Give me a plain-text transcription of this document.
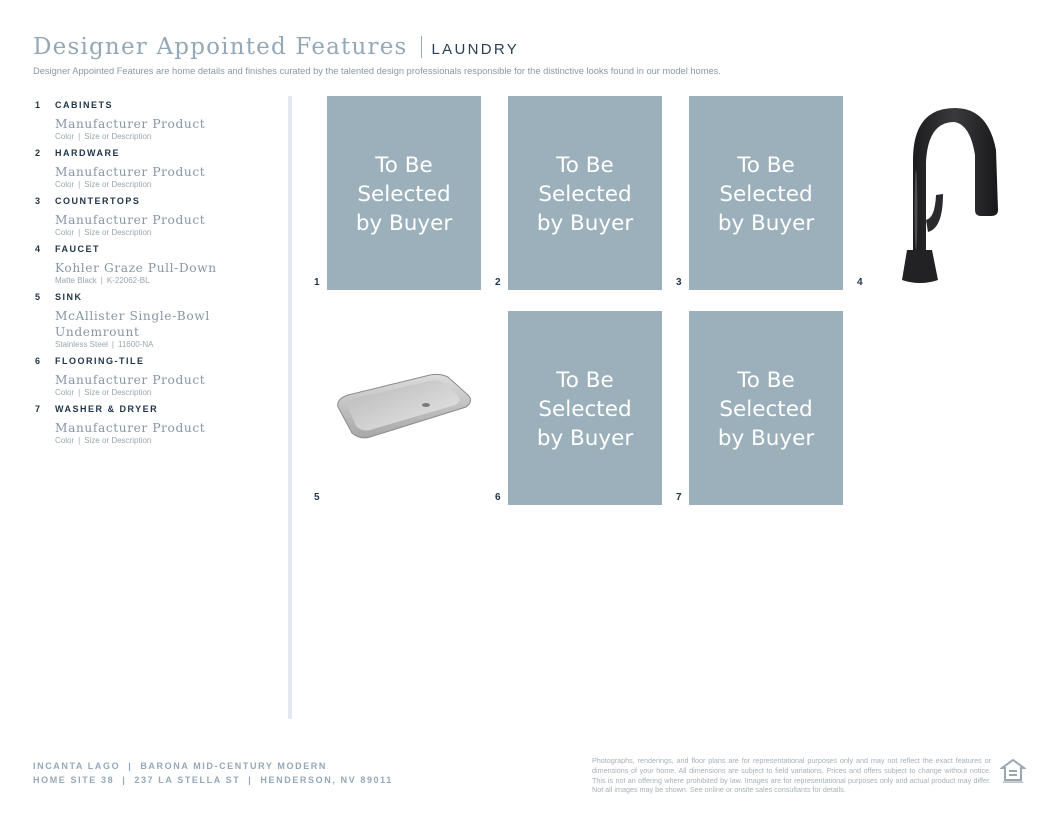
Designer Appointed Features LAUNDRY
Designer Appointed Features are home details and finishes curated by the talented design professionals responsible for the distinctive looks found in our model homes.
1 CABINETS
Manufacturer Product
Color | Size or Description
2 HARDWARE
Manufacturer Product
Color | Size or Description
3 COUNTERTOPS
Manufacturer Product
Color | Size or Description
4 FAUCET
Kohler Graze Pull-Down
Matte Black | K-22062-BL
5 SINK
McAllister Single-Bowl Undemrount
Stainless Steel | 11600-NA
6 FLOORING-TILE
Manufacturer Product
Color | Size or Description
7 WASHER & DRYER
Manufacturer Product
Color | Size or Description
To Be
Selected
by Buyer
1
To Be
Selected
by Buyer
2
To Be
Selected
by Buyer
3	4
5
To Be
Selected
by Buyer
6
To Be
Selected
by Buyer
7
INCANTA LAGO | BARONA MID-CENTURY MODERN
HOME SITE 38 | 237 LA STELLA ST | HENDERSON, NV 89011
Photographs, renderings, and floor plans are for representational purposes only and may not reflect the exact features or dimensions of your home. All dimensions are subject to field variations. Prices and offers subject to change without notice. This is not an offering where prohibited by law. Images are for representational purposes only and actual product may differ. Not all images may be shown. See online or onsite sales consultants for details.
